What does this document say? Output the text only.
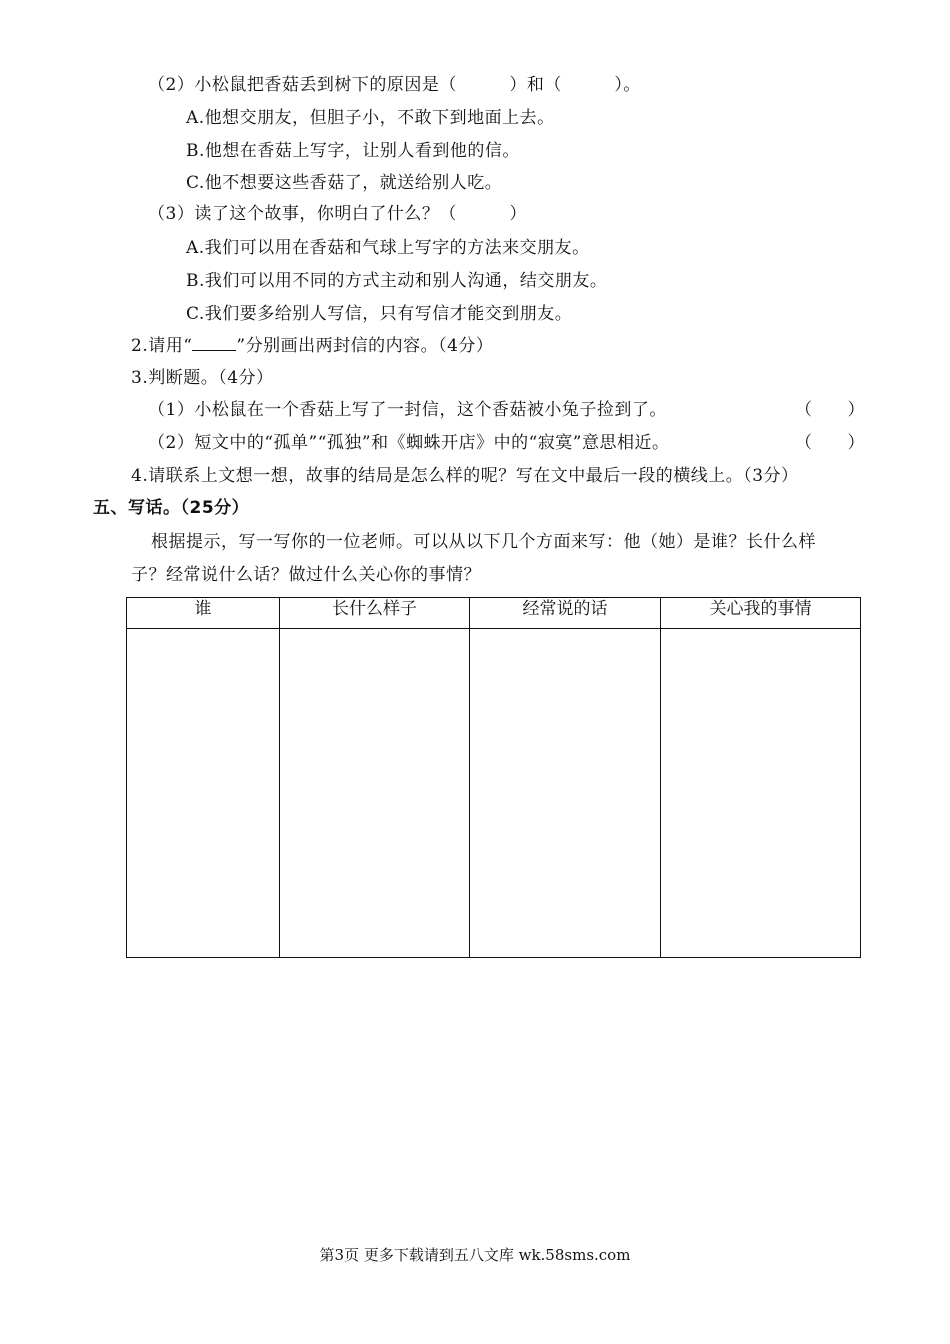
（2）小松鼠把香菇丢到树下的原因是（　　　）和（　　　）。
A.他想交朋友，但胆子小，不敢下到地面上去。
B.他想在香菇上写字，让别人看到他的信。
C.他不想要这些香菇了，就送给别人吃。
（3）读了这个故事，你明白了什么？（　　　）
A.我们可以用在香菇和气球上写字的方法来交朋友。
B.我们可以用不同的方式主动和别人沟通，结交朋友。
C.我们要多给别人写信，只有写信才能交到朋友。
2.请用“	”分别画出两封信的内容。（4分）
3.判断题。（4分）
（1）小松鼠在一个香菇上写了一封信，这个香菇被小兔子捡到了。	（　　）
（2）短文中的“孤单”“孤独”和《蜘蛛开店》中的“寂寞”意思相近。	（　　）
4.请联系上文想一想，故事的结局是怎么样的呢？写在文中最后一段的横线上。（3分）
五、写话。（25分）
根据提示，写一写你的一位老师。可以从以下几个方面来写：他（她）是谁？长什么样
子？经常说什么话？做过什么关心你的事情？
谁	长什么样子	经常说的话	关心我的事情

第3页 更多下载请到五八文库 wk.58sms.com
